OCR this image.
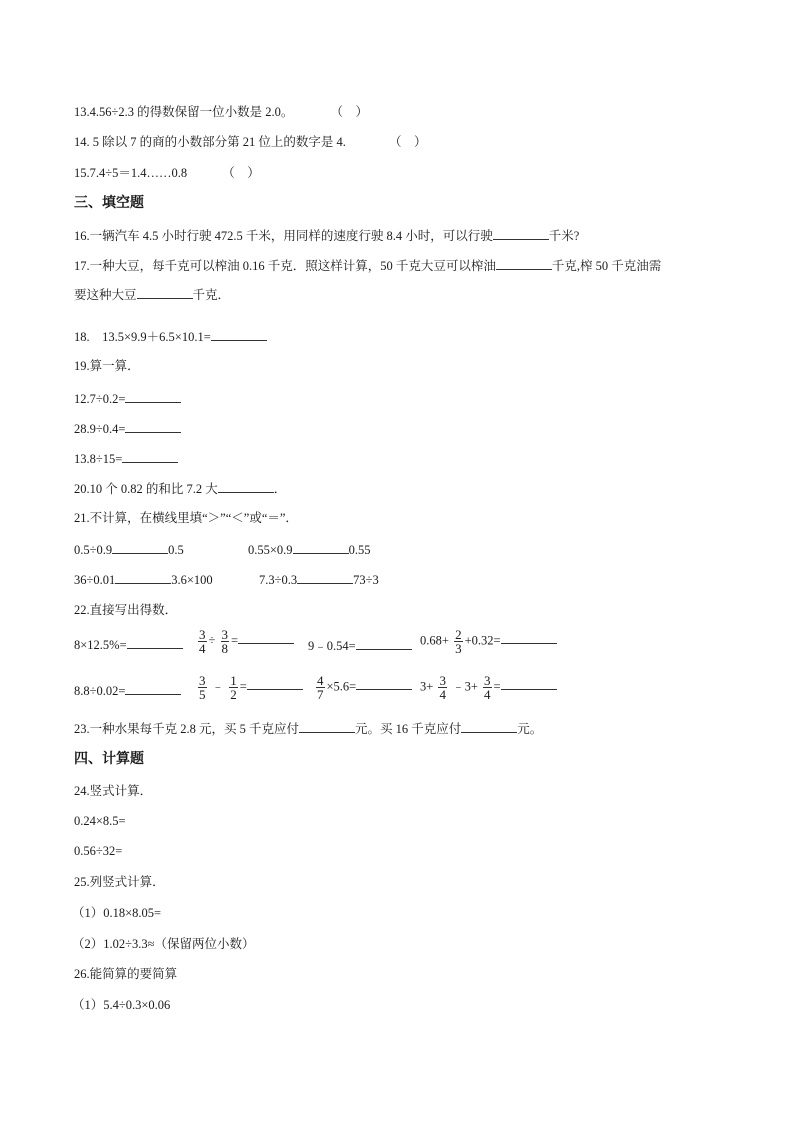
13.4.56÷2.3 的得数保留一位小数是 2.0。	（　）
14. 5 除以 7 的商的小数部分第 21 位上的数字是 4.	（　）
15.7.4÷5＝1.4……0.8	（　）
三、填空题
16.一辆汽车 4.5 小时行驶 472.5 千米，用同样的速度行驶 8.4 小时，可以行驶	千米?
17.一种大豆，每千克可以榨油 0.16 千克．照这样计算，50 千克大豆可以榨油	千克,榨 50 千克油需
要这种大豆	千克．
18.　13.5×9.9＋6.5×10.1=
19.算一算．
12.7÷0.2=
28.9÷0.4=
13.8÷15=
20.10 个 0.82 的和比 7.2 大	．
21.不计算，在横线里填“＞”“＜”或“＝”．
0.5÷0.9	0.5	0.55×0.9	0.55
36÷0.01	3.6×100	7.3÷0.3	73÷3
22.直接写出得数．
8×12.5%=	$\frac{3}{4} \div \frac{3}{8}$ =	9﹣0.54=	$0.68+ \frac{2}{3} +0.32=$
8.8÷0.02=	$\frac{3}{5}$ ﹣ $\frac{1}{2}$ =	$\frac{4}{7} \times 5.6=$	$3+ \frac{3}{4}$ ﹣3+ $\frac{3}{4}$ =
23.一种水果每千克 2.8 元，买 5 千克应付	元。买 16 千克应付	元。
四、计算题
24.竖式计算．
0.24×8.5=
0.56÷32=
25.列竖式计算．
（1）0.18×8.05=
（2）1.02÷3.3≈（保留两位小数）
26.能简算的要简算
（1）5.4÷0.3×0.06
